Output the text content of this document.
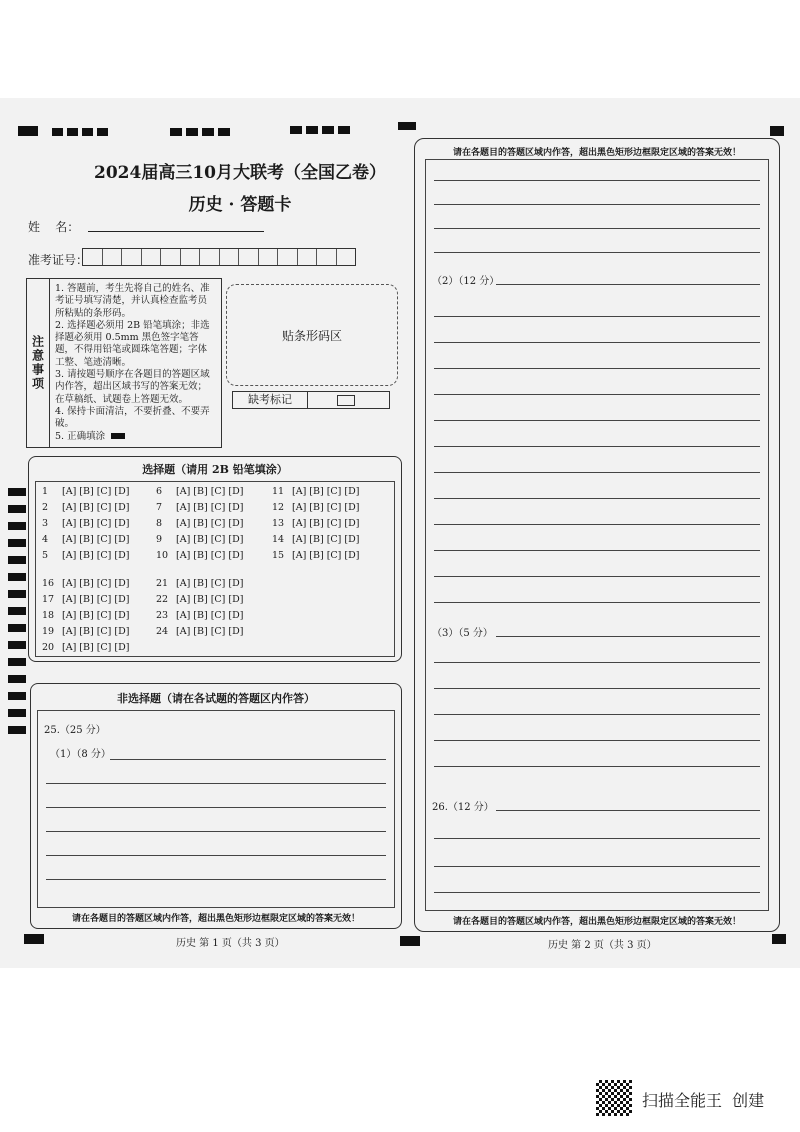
2024届高三10月大联考（全国乙卷）
历史 · 答题卡
姓    名：
准考证号：
注意事项
1. 答题前，考生先将自己的姓名、准考证号填写清楚，并认真检查监考员所粘贴的条形码。
2. 选择题必须用 2B 铅笔填涂；非选择题必须用 0.5mm 黑色签字笔答题，不得用铅笔或圆珠笔答题；字体工整、笔迹清晰。
3. 请按题号顺序在各题目的答题区域内作答，超出区域书写的答案无效；在草稿纸、试题卷上答题无效。
4. 保持卡面清洁，不要折叠、不要弄破。
5. 正确填涂
贴条形码区
缺考标记
选择题（请用 2B 铅笔填涂）
1 [A] [B] [C] [D]
2 [A] [B] [C] [D]
3 [A] [B] [C] [D]
4 [A] [B] [C] [D]
5 [A] [B] [C] [D]
6 [A] [B] [C] [D]
7 [A] [B] [C] [D]
8 [A] [B] [C] [D]
9 [A] [B] [C] [D]
10 [A] [B] [C] [D]
11 [A] [B] [C] [D]
12 [A] [B] [C] [D]
13 [A] [B] [C] [D]
14 [A] [B] [C] [D]
15 [A] [B] [C] [D]
16 [A] [B] [C] [D]
17 [A] [B] [C] [D]
18 [A] [B] [C] [D]
19 [A] [B] [C] [D]
20 [A] [B] [C] [D]
21 [A] [B] [C] [D]
22 [A] [B] [C] [D]
23 [A] [B] [C] [D]
24 [A] [B] [C] [D]
非选择题（请在各试题的答题区内作答）
25.（25 分）
（1）（8 分）
请在各题目的答题区域内作答，超出黑色矩形边框限定区域的答案无效！
请在各题目的答题区域内作答，超出黑色矩形边框限定区域的答案无效！
（2）（12 分）
（3）（5 分）
26.（12 分）
请在各题目的答题区域内作答，超出黑色矩形边框限定区域的答案无效！
历史 第 1 页（共 3 页）	历史 第 2 页（共 3 页）
扫描全能王  创建
